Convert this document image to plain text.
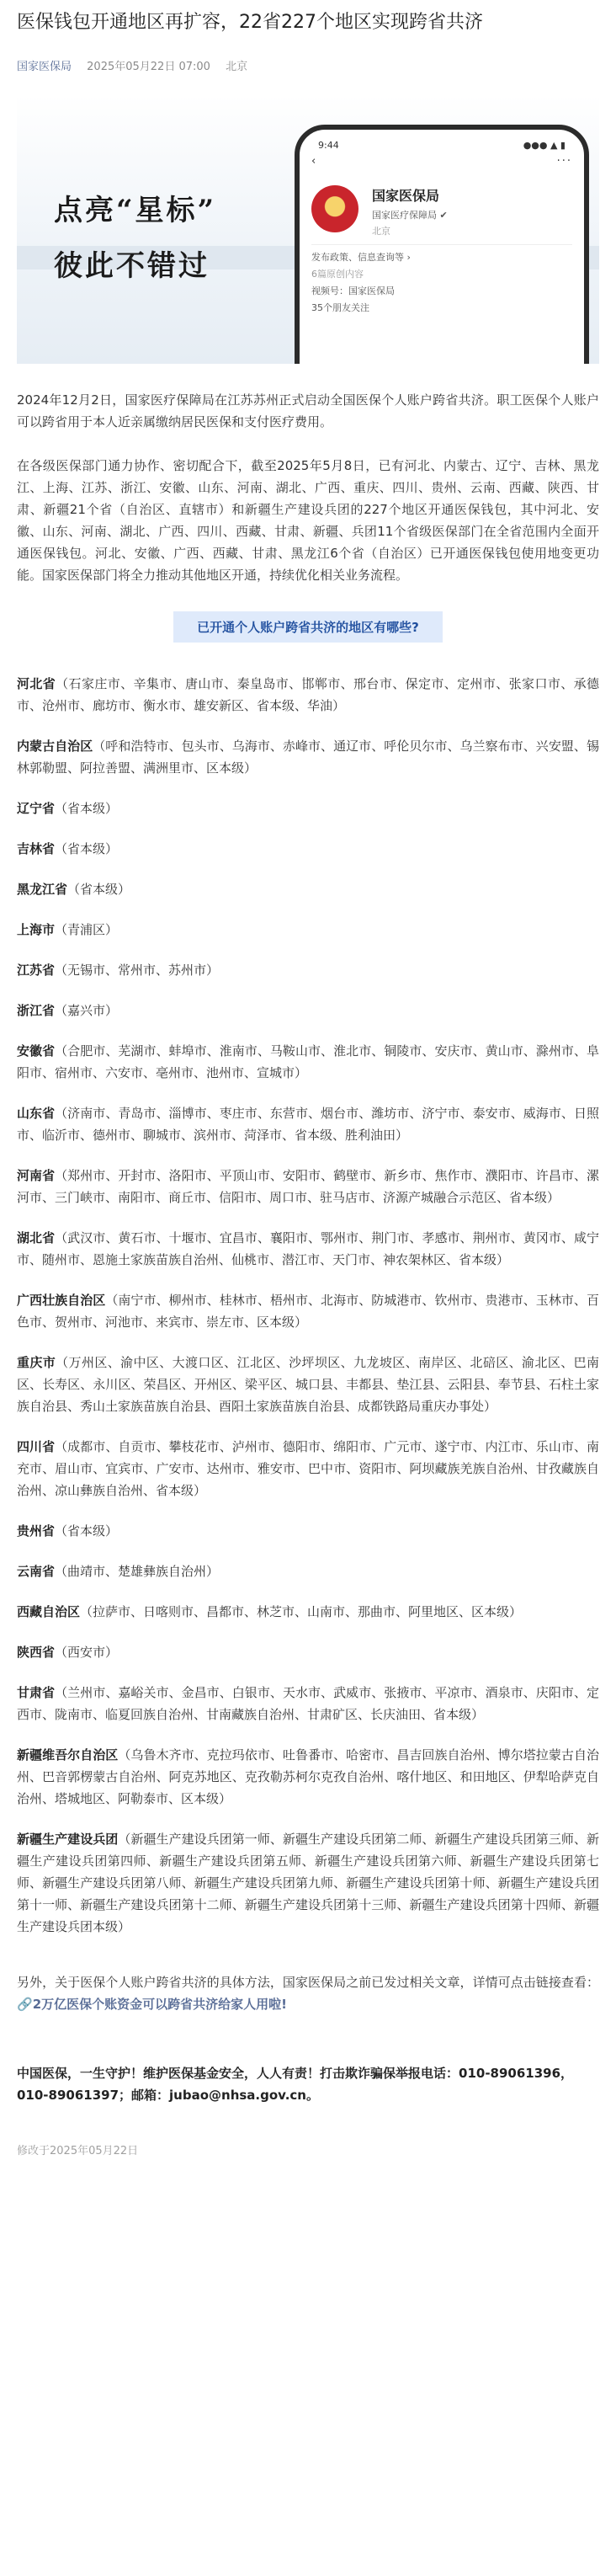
医保钱包开通地区再扩容，22省227个地区实现跨省共济
国家医保局 2025年05月22日 07:00 北京
点亮“星标”
彼此不错过
9:44	●●● ▲ ▮
‹	···
国家医保局
国家医疗保障局 ✔
北京
发布政策、信息查询等 ›
6篇原创内容
视频号：国家医保局
35个朋友关注

2024年12月2日，国家医疗保障局在江苏苏州正式启动全国医保个人账户跨省共济。职工医保个人账户可以跨省用于本人近亲属缴纳居民医保和支付医疗费用。

在各级医保部门通力协作、密切配合下，截至2025年5月8日，已有河北、内蒙古、辽宁、吉林、黑龙江、上海、江苏、浙江、安徽、山东、河南、湖北、广西、重庆、四川、贵州、云南、西藏、陕西、甘肃、新疆21个省（自治区、直辖市）和新疆生产建设兵团的227个地区开通医保钱包，其中河北、安徽、山东、河南、湖北、广西、四川、西藏、甘肃、新疆、兵团11个省级医保部门在全省范围内全面开通医保钱包。河北、安徽、广西、西藏、甘肃、黑龙江6个省（自治区）已开通医保钱包使用地变更功能。国家医保部门将全力推动其他地区开通，持续优化相关业务流程。

已开通个人账户跨省共济的地区有哪些?

河北省（石家庄市、辛集市、唐山市、秦皇岛市、邯郸市、邢台市、保定市、定州市、张家口市、承德市、沧州市、廊坊市、衡水市、雄安新区、省本级、华油）

内蒙古自治区（呼和浩特市、包头市、乌海市、赤峰市、通辽市、呼伦贝尔市、乌兰察布市、兴安盟、锡林郭勒盟、阿拉善盟、满洲里市、区本级）

辽宁省（省本级）

吉林省（省本级）

黑龙江省（省本级）

上海市（青浦区）

江苏省（无锡市、常州市、苏州市）

浙江省（嘉兴市）

安徽省（合肥市、芜湖市、蚌埠市、淮南市、马鞍山市、淮北市、铜陵市、安庆市、黄山市、滁州市、阜阳市、宿州市、六安市、亳州市、池州市、宣城市）

山东省（济南市、青岛市、淄博市、枣庄市、东营市、烟台市、潍坊市、济宁市、泰安市、威海市、日照市、临沂市、德州市、聊城市、滨州市、菏泽市、省本级、胜利油田）

河南省（郑州市、开封市、洛阳市、平顶山市、安阳市、鹤壁市、新乡市、焦作市、濮阳市、许昌市、漯河市、三门峡市、南阳市、商丘市、信阳市、周口市、驻马店市、济源产城融合示范区、省本级）

湖北省（武汉市、黄石市、十堰市、宜昌市、襄阳市、鄂州市、荆门市、孝感市、荆州市、黄冈市、咸宁市、随州市、恩施土家族苗族自治州、仙桃市、潜江市、天门市、神农架林区、省本级）

广西壮族自治区（南宁市、柳州市、桂林市、梧州市、北海市、防城港市、钦州市、贵港市、玉林市、百色市、贺州市、河池市、来宾市、崇左市、区本级）

重庆市（万州区、渝中区、大渡口区、江北区、沙坪坝区、九龙坡区、南岸区、北碚区、渝北区、巴南区、长寿区、永川区、荣昌区、开州区、梁平区、城口县、丰都县、垫江县、云阳县、奉节县、石柱土家族自治县、秀山土家族苗族自治县、酉阳土家族苗族自治县、成都铁路局重庆办事处）

四川省（成都市、自贡市、攀枝花市、泸州市、德阳市、绵阳市、广元市、遂宁市、内江市、乐山市、南充市、眉山市、宜宾市、广安市、达州市、雅安市、巴中市、资阳市、阿坝藏族羌族自治州、甘孜藏族自治州、凉山彝族自治州、省本级）

贵州省（省本级）

云南省（曲靖市、楚雄彝族自治州）

西藏自治区（拉萨市、日喀则市、昌都市、林芝市、山南市、那曲市、阿里地区、区本级）

陕西省（西安市）

甘肃省（兰州市、嘉峪关市、金昌市、白银市、天水市、武威市、张掖市、平凉市、酒泉市、庆阳市、定西市、陇南市、临夏回族自治州、甘南藏族自治州、甘肃矿区、长庆油田、省本级）

新疆维吾尔自治区（乌鲁木齐市、克拉玛依市、吐鲁番市、哈密市、昌吉回族自治州、博尔塔拉蒙古自治州、巴音郭楞蒙古自治州、阿克苏地区、克孜勒苏柯尔克孜自治州、喀什地区、和田地区、伊犁哈萨克自治州、塔城地区、阿勒泰市、区本级）

新疆生产建设兵团（新疆生产建设兵团第一师、新疆生产建设兵团第二师、新疆生产建设兵团第三师、新疆生产建设兵团第四师、新疆生产建设兵团第五师、新疆生产建设兵团第六师、新疆生产建设兵团第七师、新疆生产建设兵团第八师、新疆生产建设兵团第九师、新疆生产建设兵团第十师、新疆生产建设兵团第十一师、新疆生产建设兵团第十二师、新疆生产建设兵团第十三师、新疆生产建设兵团第十四师、新疆生产建设兵团本级）

另外，关于医保个人账户跨省共济的具体方法，国家医保局之前已发过相关文章，详情可点击链接查看：🔗2万亿医保个账资金可以跨省共济给家人用啦!

中国医保，一生守护！维护医保基金安全，人人有责！打击欺诈骗保举报电话：010-89061396，010-89061397；邮箱：jubao@nhsa.gov.cn。

修改于2025年05月22日
